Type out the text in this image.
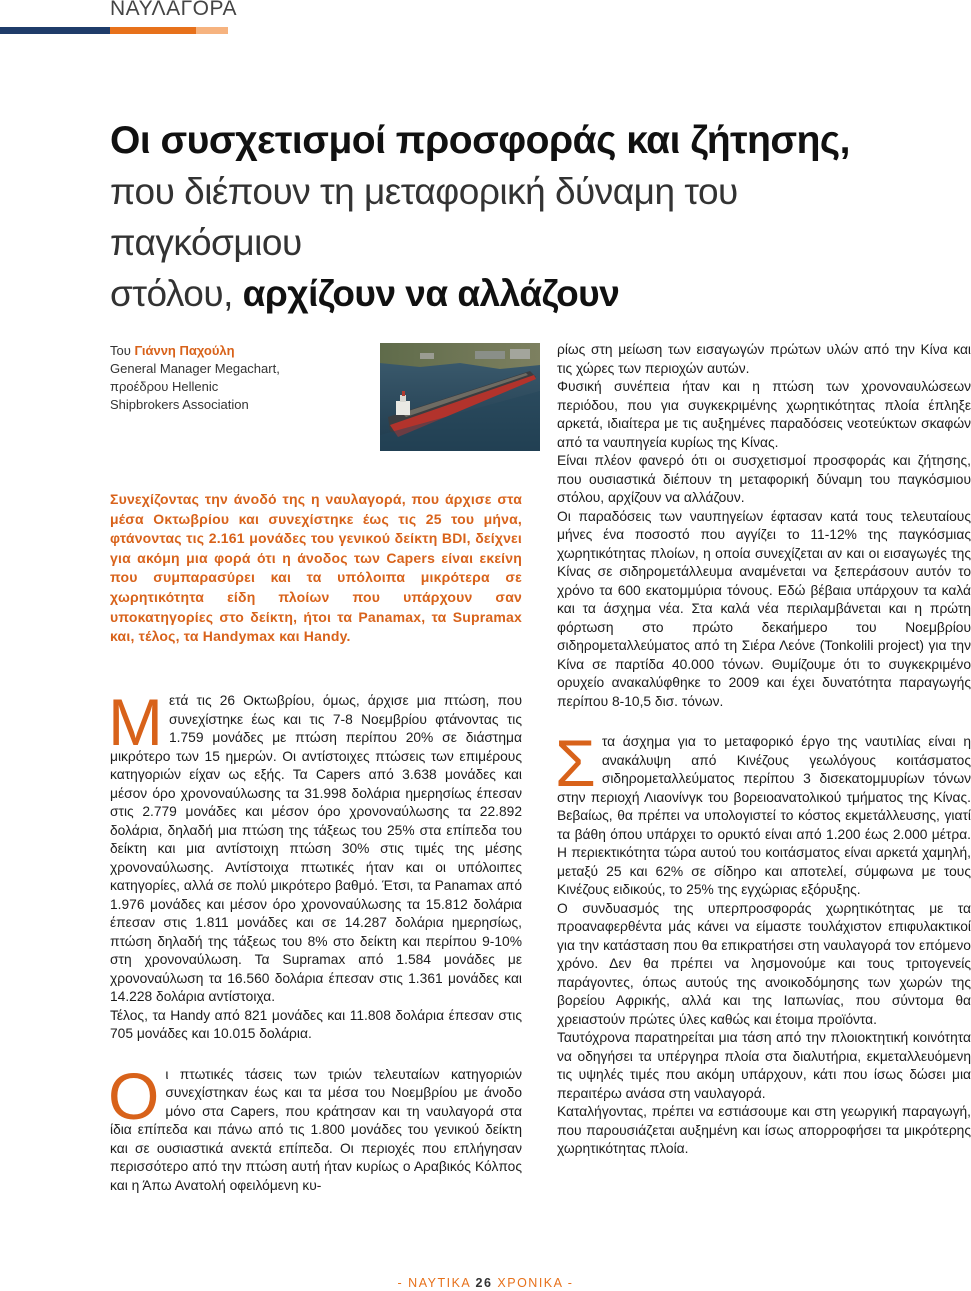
ΝΑΥΛΑΓΟΡΑ
Οι συσχετισμοί προσφοράς και ζήτησης,
που διέπουν τη μεταφορική δύναμη του παγκόσμιου
στόλου, αρχίζουν να αλλάζουν
Του Γιάννη Παχούλη
General Manager Megachart,
προέδρου Hellenic
Shipbrokers Association

Συνεχίζοντας την άνοδό της η ναυλαγορά, που άρχισε στα μέσα Οκτωβρίου και συνεχίστηκε έως τις 25 του μήνα, φτάνοντας τις 2.161 μονάδες του γενικού δείκτη BDI, δείχνει για ακόμη μια φορά ότι η άνοδος των Capers είναι εκείνη που συμπαρασύρει και τα υπόλοιπα μικρότερα σε χωρητικότητα είδη πλοίων που υπάρχουν σαν υποκατηγορίες στο δείκτη, ήτοι τα Panamax, τα Supramax και, τέλος, τα Handymax και Handy.

Μετά τις 26 Οκτωβρίου, όμως, άρχισε μια πτώση, που συνεχίστηκε έως και τις 7-8 Νοεμβρίου φτάνοντας τις 1.759 μονάδες με πτώση περίπου 20% σε διάστημα μικρότερο των 15 ημερών. Οι αντίστοιχες πτώσεις των επιμέρους κατηγοριών είχαν ως εξής. Τα Capers από 3.638 μονάδες και μέσον όρο χρονοναύλωσης τα 31.998 δολάρια ημερησίως έπεσαν στις 2.779 μονάδες και μέσον όρο χρονοναύλωσης τα 22.892 δολάρια, δηλαδή μια πτώση της τάξεως του 25% στα επίπεδα του δείκτη και μια αντίστοιχη πτώση 30% στις τιμές της μέσης χρονοναύλωσης. Αντίστοιχα πτωτικές ήταν και οι υπόλοιπες κατηγορίες, αλλά σε πολύ μικρότερο βαθμό. Έτσι, τα Panamax από 1.976 μονάδες και μέσον όρο χρονοναύλωσης τα 15.812 δολάρια έπεσαν στις 1.811 μονάδες και σε 14.287 δολάρια ημερησίως, πτώση δηλαδή της τάξεως του 8% στο δείκτη και περίπου 9-10% στη χρονοναύλωση. Τα Supramax από 1.584 μονάδες με χρονοναύλωση τα 16.560 δολάρια έπεσαν στις 1.361 μονάδες και 14.228 δολάρια αντίστοιχα.

Τέλος, τα Handy από 821 μονάδες και 11.808 δολάρια έπεσαν στις 705 μονάδες και 10.015 δολάρια.

Οι πτωτικές τάσεις των τριών τελευταίων κατηγοριών συνεχίστηκαν έως και τα μέσα του Νοεμβρίου με άνοδο μόνο στα Capers, που κράτησαν και τη ναυλαγορά στα ίδια επίπεδα και πάνω από τις 1.800 μονάδες του γενικού δείκτη και σε ουσιαστικά ανεκτά επίπεδα. Οι περιοχές που επλήγησαν περισσότερο από την πτώση αυτή ήταν κυρίως ο Αραβικός Κόλπος και η Άπω Ανατολή οφειλόμενη κυ-

ρίως στη μείωση των εισαγωγών πρώτων υλών από την Κίνα και τις χώρες των περιοχών αυτών.

Φυσική συνέπεια ήταν και η πτώση των χρονοναυλώσεων περιόδου, που για συγκεκριμένης χωρητικότητας πλοία έπληξε αρκετά, ιδιαίτερα με τις αυξημένες παραδόσεις νεοτεύκτων σκαφών από τα ναυπηγεία κυρίως της Κίνας.

Είναι πλέον φανερό ότι οι συσχετισμοί προσφοράς και ζήτησης, που ουσιαστικά διέπουν τη μεταφορική δύναμη του παγκόσμιου στόλου, αρχίζουν να αλλάζουν.

Οι παραδόσεις των ναυπηγείων έφτασαν κατά τους τελευταίους μήνες ένα ποσοστό που αγγίζει το 11-12% της παγκόσμιας χωρητικότητας πλοίων, η οποία συνεχίζεται αν και οι εισαγωγές της Κίνας σε σιδηρομετάλλευμα αναμένεται να ξεπεράσουν αυτόν το χρόνο τα 600 εκατομμύρια τόνους. Εδώ βέβαια υπάρχουν τα καλά και τα άσχημα νέα. Στα καλά νέα περιλαμβάνεται και η πρώτη φόρτωση στο πρώτο δεκαήμερο του Νοεμβρίου σιδηρομεταλλεύματος από τη Σιέρα Λεόνε (Tonkolili project) για την Κίνα σε παρτίδα 40.000 τόνων. Θυμίζουμε ότι το συγκεκριμένο ορυχείο ανακαλύφθηκε το 2009 και έχει δυνατότητα παραγωγής περίπου 8-10,5 δισ. τόνων.

Στα άσχημα για το μεταφορικό έργο της ναυτιλίας είναι η ανακάλυψη από Κινέζους γεωλόγους κοιτάσματος σιδηρομεταλλεύματος περίπου 3 δισεκατομμυρίων τόνων στην περιοχή Λιαονίνγκ του βορειοανατολικού τμήματος της Κίνας. Βεβαίως, θα πρέπει να υπολογιστεί το κόστος εκμετάλλευσης, γιατί τα βάθη όπου υπάρχει το ορυκτό είναι από 1.200 έως 2.000 μέτρα. Η περιεκτικότητα τώρα αυτού του κοιτάσματος είναι αρκετά χαμηλή, μεταξύ 25 και 62% σε σίδηρο και αποτελεί, σύμφωνα με τους Κινέζους ειδικούς, το 25% της εγχώριας εξόρυξης.

Ο συνδυασμός της υπερπροσφοράς χωρητικότητας με τα προαναφερθέντα μάς κάνει να είμαστε τουλάχιστον επιφυλακτικοί για την κατάσταση που θα επικρατήσει στη ναυλαγορά τον επόμενο χρόνο. Δεν θα πρέπει να λησμονούμε και τους τριτογενείς παράγοντες, όπως αυτούς της ανοικοδόμησης των χωρών της βορείου Αφρικής, αλλά και της Ιαπωνίας, που σύντομα θα χρειαστούν πρώτες ύλες καθώς και έτοιμα προϊόντα.

Ταυτόχρονα παρατηρείται μια τάση από την πλοιοκτητική κοινότητα να οδηγήσει τα υπέργηρα πλοία στα διαλυτήρια, εκμεταλλευόμενη τις υψηλές τιμές που ακόμη υπάρχουν, κάτι που ίσως δώσει μια περαιτέρω ανάσα στη ναυλαγορά.

Καταλήγοντας, πρέπει να εστιάσουμε και στη γεωργική παραγωγή, που παρουσιάζεται αυξημένη και ίσως απορροφήσει τα μικρότερης χωρητικότητας πλοία.

- ΝΑΥΤΙΚΑ 26 ΧΡΟΝΙΚΑ -
